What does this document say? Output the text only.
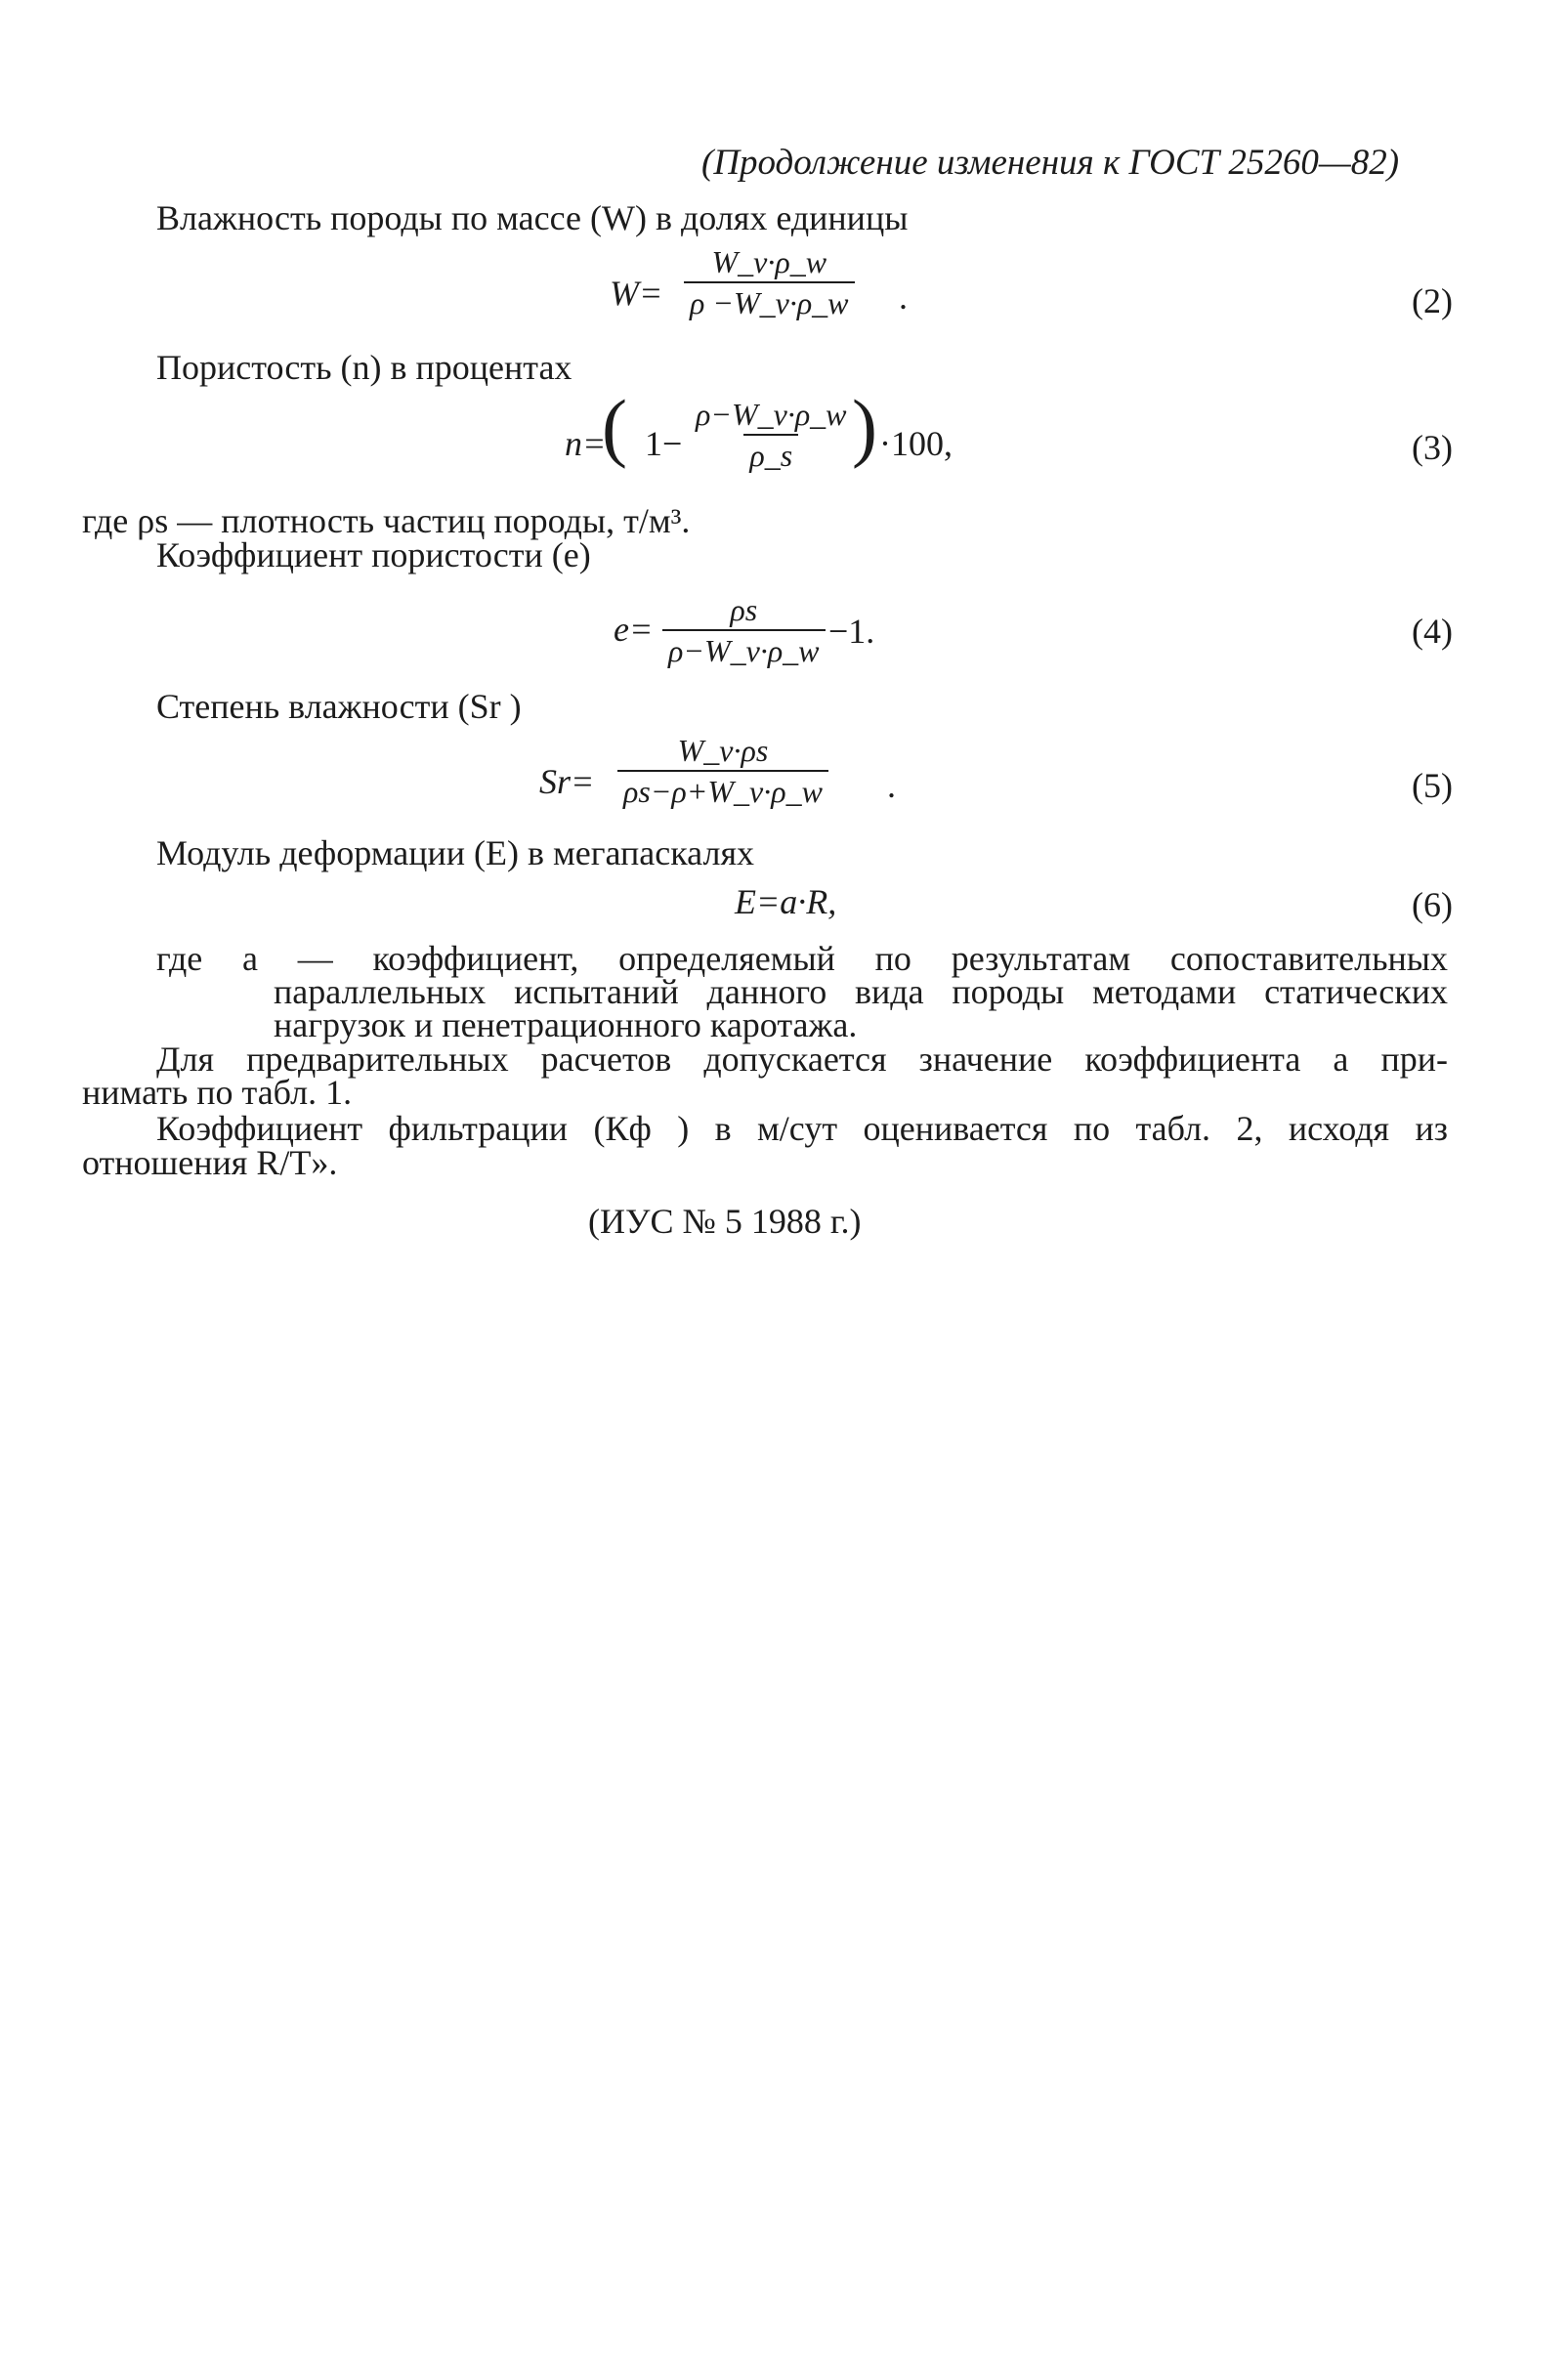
(Продолжение изменения к ГОСТ 25260—82)
Влажность породы по массе (W) в долях единицы
$W= \frac{W\_v\cdot\rho\_w}{\rho -W\_v\cdot\rho\_w}$ .	(2)
Пористость (n) в процентах
n=
( $1- \frac{\rho-W\_v\cdot\rho\_w}{\rho\_s}$ ) ·100,	(3)
где ρs — плотность частиц породы, т/м³.
Коэффициент пористости (e)
$e= \frac{\rho s}{\rho-W\_v\cdot\rho\_w} -1$.	(4)
Степень влажности (Sr )
$Sr= \frac{W\_v\cdot\rho s}{\rho s-\rho+W\_v\cdot\rho\_w}$ .	(5)
Модуль деформации (E) в мегапаскалях
E=a·R,	(6)
где a — коэффициент, определяемый по результатам сопоставительных
параллельных испытаний данного вида породы методами статических
нагрузок и пенетрационного каротажа.
Для предварительных расчетов допускается значение коэффициента a при-
нимать по табл. 1.
Коэффициент фильтрации (Кф ) в м/сут оценивается по табл. 2, исходя из
отношения R/T».
(ИУС № 5 1988 г.)
